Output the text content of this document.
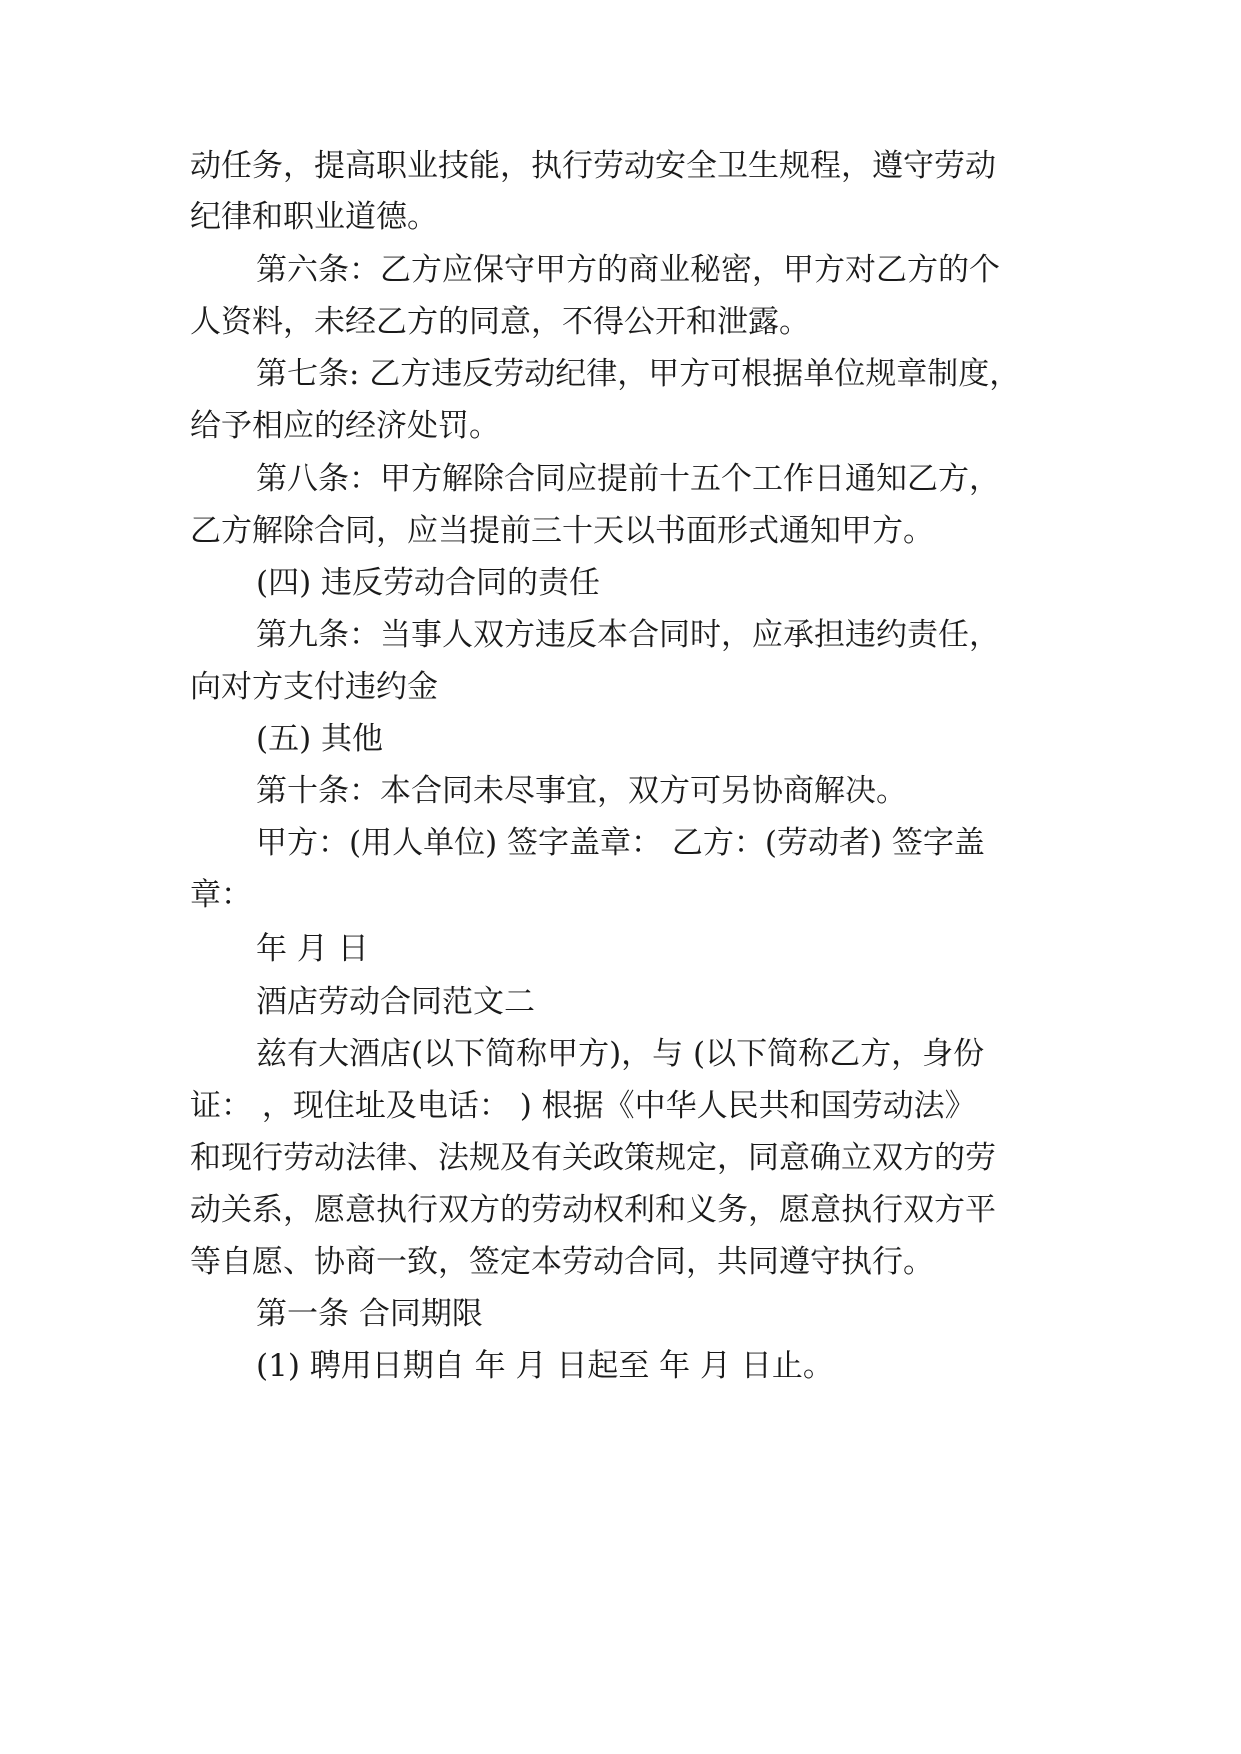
动任务，提高职业技能，执行劳动安全卫生规程，遵守劳动
纪律和职业道德。
第六条：乙方应保守甲方的商业秘密，甲方对乙方的个
人资料，未经乙方的同意，不得公开和泄露。
第七条: 乙方违反劳动纪律，甲方可根据单位规章制度，
给予相应的经济处罚。
第八条：甲方解除合同应提前十五个工作日通知乙方，
乙方解除合同，应当提前三十天以书面形式通知甲方。
(四) 违反劳动合同的责任
第九条：当事人双方违反本合同时，应承担违约责任，
向对方支付违约金
(五) 其他
第十条：本合同未尽事宜，双方可另协商解决。
甲方：(用人单位) 签字盖章： 乙方：(劳动者) 签字盖
章：
年 月 日
酒店劳动合同范文二
兹有大酒店(以下简称甲方)，与 (以下简称乙方，身份
证： ，现住址及电话： ) 根据《中华人民共和国劳动法》
和现行劳动法律、法规及有关政策规定，同意确立双方的劳
动关系，愿意执行双方的劳动权利和义务，愿意执行双方平
等自愿、协商一致，签定本劳动合同，共同遵守执行。
第一条 合同期限
(1) 聘用日期自 年 月 日起至 年 月 日止。
